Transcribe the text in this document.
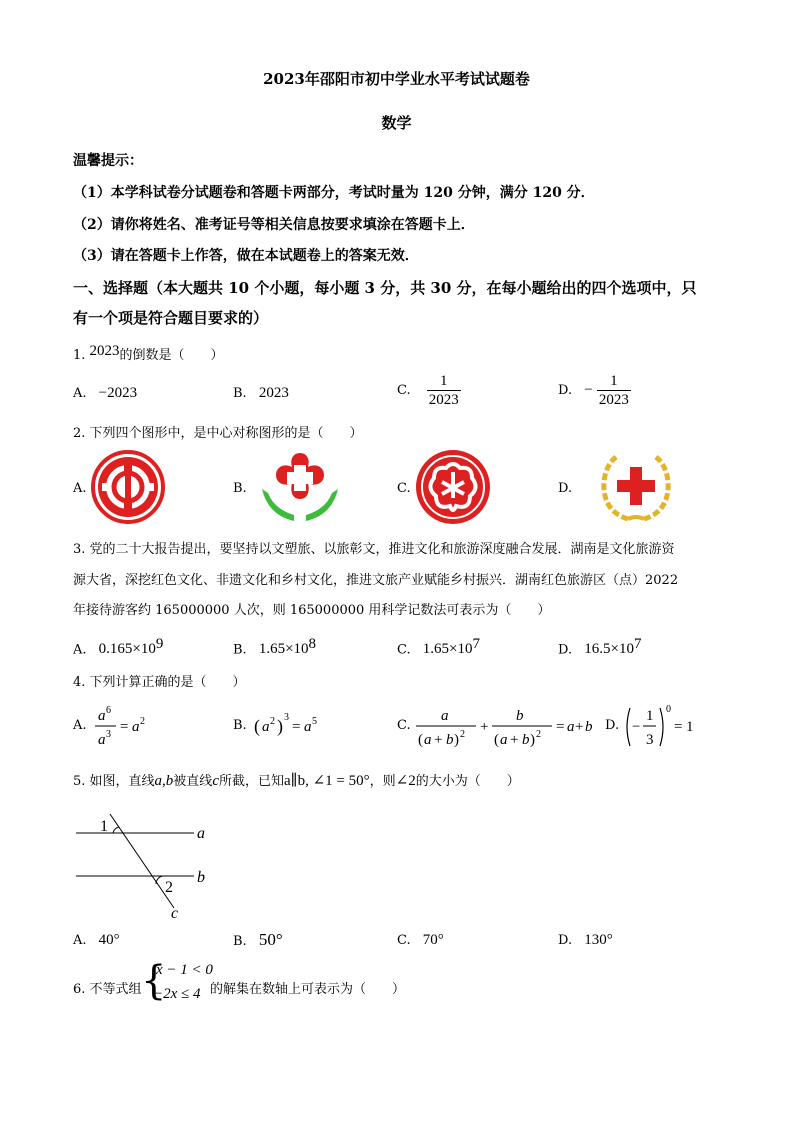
2023年邵阳市初中学业水平考试试题卷
数学
温馨提示：
（1）本学科试卷分试题卷和答题卡两部分，考试时量为 120 分钟，满分 120 分．
（2）请你将姓名、准考证号等相关信息按要求填涂在答题卡上．
（3）请在答题卡上作答，做在本试题卷上的答案无效．
一、选择题（本大题共 10 个小题，每小题 3 分，共 30 分，在每小题给出的四个选项中，只
有一个项是符合题目要求的）
1. 2023的倒数是（　　）
A. −2023	B. 2023	C. $\frac{1}{2023}$	D. − $\frac{1}{2023}$
2. 下列四个图形中，是中心对称图形的是（　　）
A.	B.	C.	D.
3. 党的二十大报告提出，要坚持以文塑旅、以旅彰文，推进文化和旅游深度融合发展．湖南是文化旅游资
源大省，深挖红色文化、非遗文化和乡村文化，推进文旅产业赋能乡村振兴．湖南红色旅游区（点）2022
年接待游客约 165000000 人次，则 165000000 用科学记数法可表示为（　　）
A. $0.165\times 10^9$	B. $1.65\times 10^8$	C. $1.65\times 10^7$	D. $16.5\times 10^7$
4. 下列计算正确的是（　　）
A.
a 6
a 3 = a 2	B. ( a 2 ) 3
= a 5	C.
a
( a + b ) 2 +
b
( a + b ) 2 = a + b D. −
1
3
0
= 1
5. 如图，直线a,b被直线c所截，已知a∥b, ∠1 = 50°，则∠2的大小为（　　）
1
2
a
b
c
A. 40°	B. 50°	C. 70°	D. 130°
6. 不等式组 {
x − 1 < 0
−2x ≤ 4 的解集在数轴上可表示为（　　）
